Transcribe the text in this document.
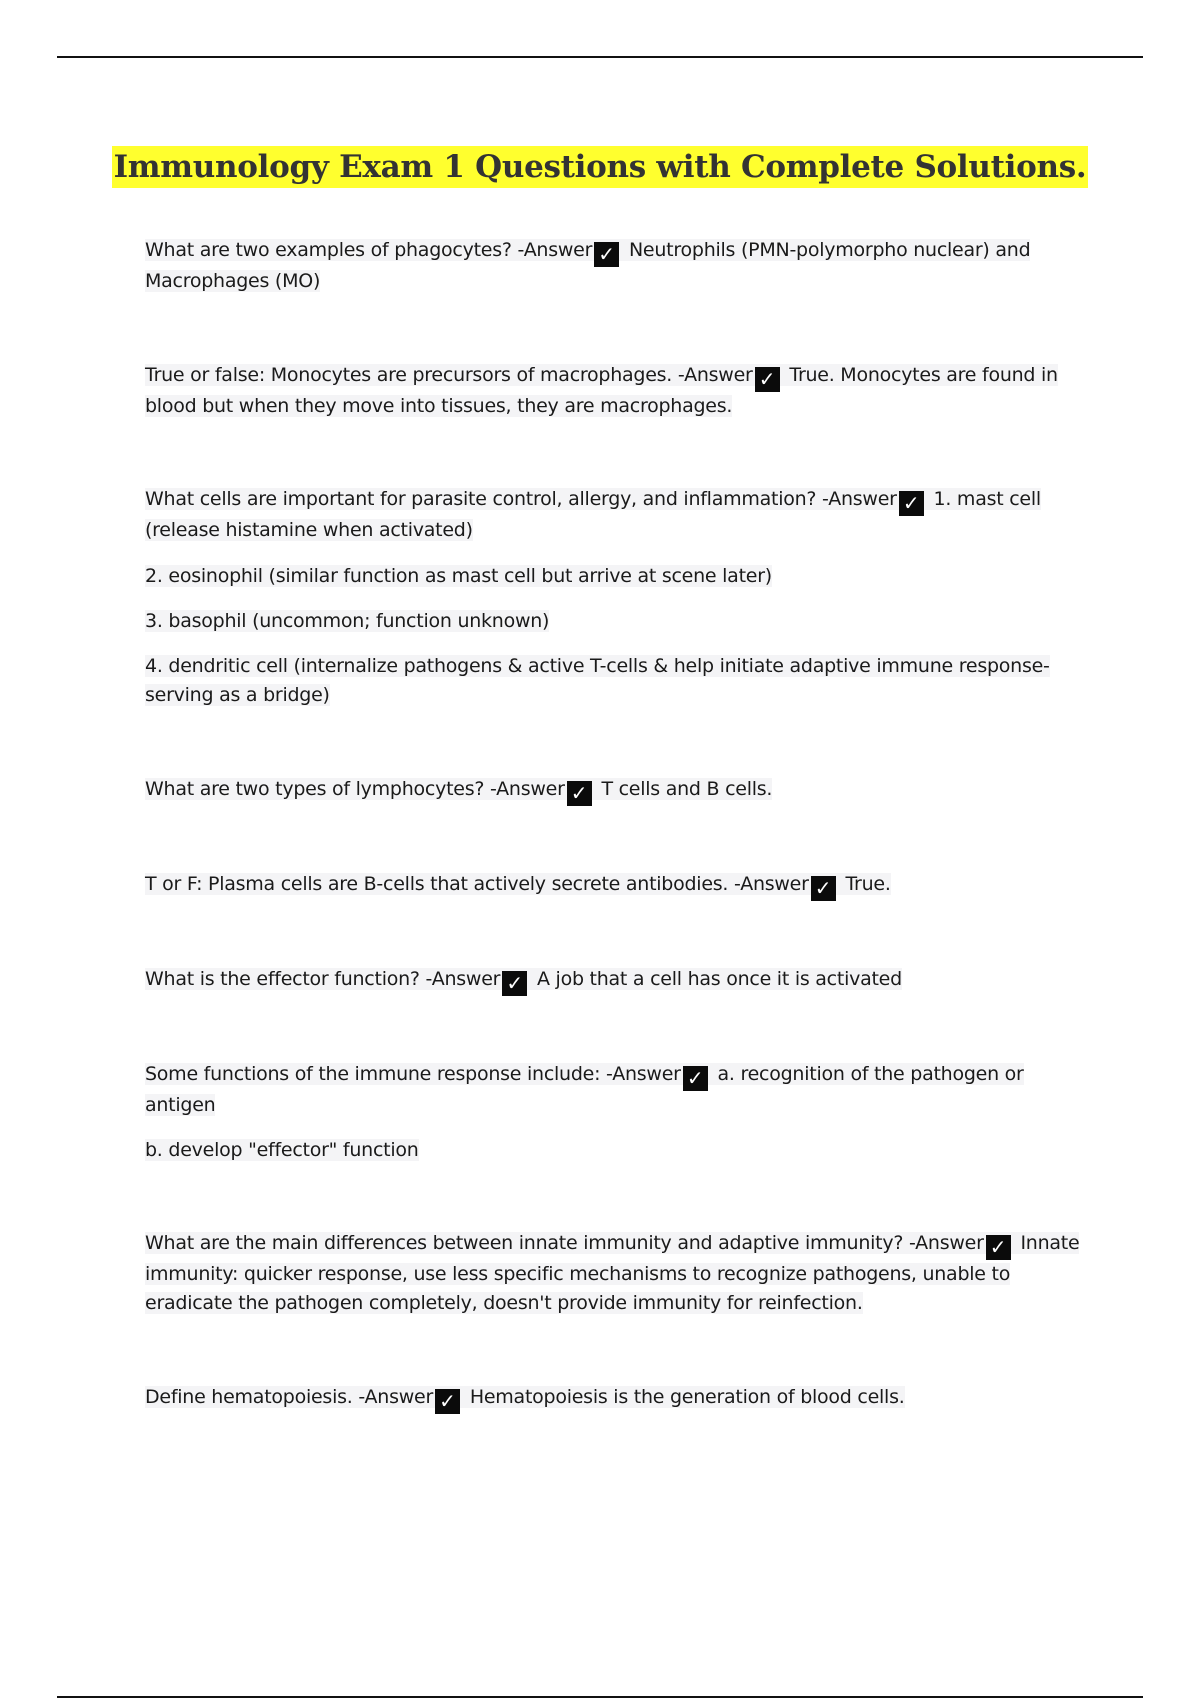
Immunology Exam 1 Questions with Complete Solutions.
What are two examples of phagocytes? -Answer ✓ Neutrophils (PMN-polymorpho nuclear) and Macrophages (MO)
True or false: Monocytes are precursors of macrophages. -Answer ✓ True. Monocytes are found in blood but when they move into tissues, they are macrophages.
What cells are important for parasite control, allergy, and inflammation? -Answer ✓ 1. mast cell (release histamine when activated)

2. eosinophil (similar function as mast cell but arrive at scene later)

3. basophil (uncommon; function unknown)

4. dendritic cell (internalize pathogens & active T-cells & help initiate adaptive immune response-serving as a bridge)

What are two types of lymphocytes? -Answer ✓ T cells and B cells.
T or F: Plasma cells are B-cells that actively secrete antibodies. -Answer ✓ True.
What is the effector function? -Answer ✓ A job that a cell has once it is activated
Some functions of the immune response include: -Answer ✓ a. recognition of the pathogen or antigen

b. develop "effector" function

What are the main differences between innate immunity and adaptive immunity? -Answer ✓ Innate immunity: quicker response, use less specific mechanisms to recognize pathogens, unable to eradicate the pathogen completely, doesn't provide immunity for reinfection.
Define hematopoiesis. -Answer ✓ Hematopoiesis is the generation of blood cells.
